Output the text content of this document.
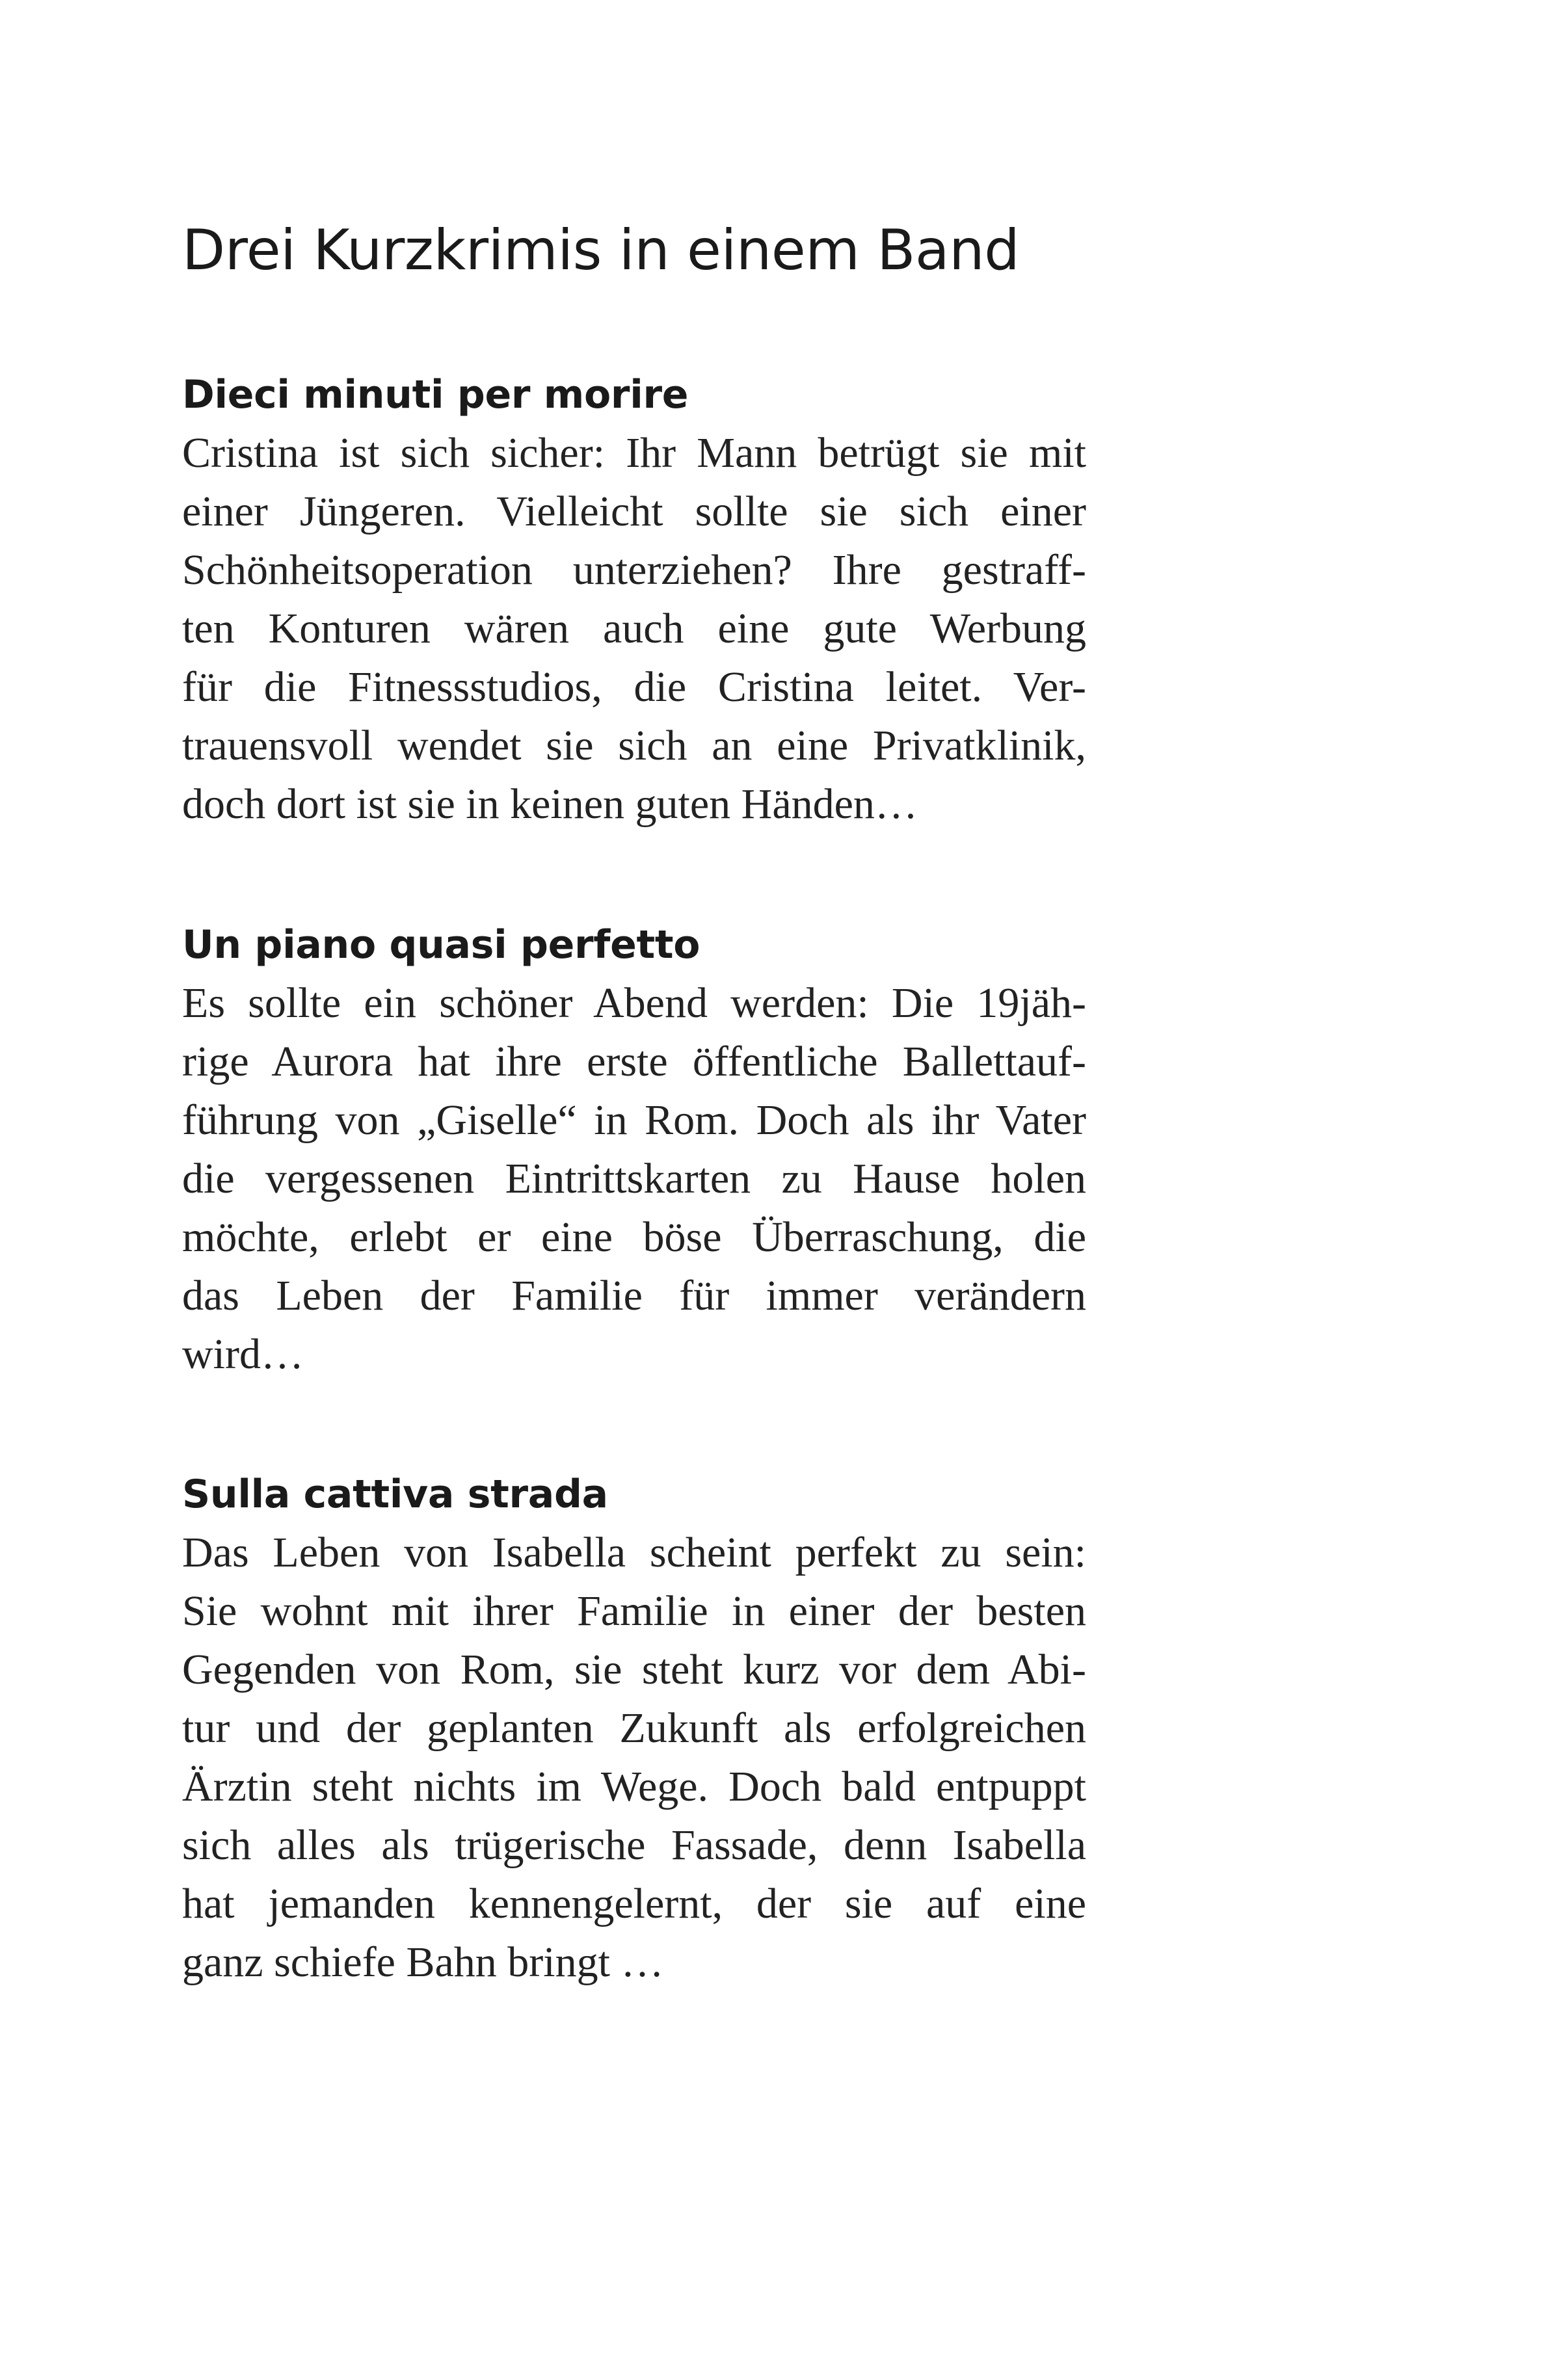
Drei Kurzkrimis in einem Band
Dieci minuti per morire
Cristina ist sich sicher: Ihr Mann betrügt sie mit
einer Jüngeren. Vielleicht sollte sie sich einer
Schönheitsoperation unterziehen? Ihre gestraff-
ten Konturen wären auch eine gute Werbung
für die Fitnessstudios, die Cristina leitet. Ver-
trauensvoll wendet sie sich an eine Privatklinik,
doch dort ist sie in keinen guten Händen…
Un piano quasi perfetto
Es sollte ein schöner Abend werden: Die 19jäh-
rige Aurora hat ihre erste öffentliche Ballettauf-
führung von „Giselle“ in Rom. Doch als ihr Vater
die vergessenen Eintrittskarten zu Hause holen
möchte, erlebt er eine böse Überraschung, die
das Leben der Familie für immer verändern
wird…
Sulla cattiva strada
Das Leben von Isabella scheint perfekt zu sein:
Sie wohnt mit ihrer Familie in einer der besten
Gegenden von Rom, sie steht kurz vor dem Abi-
tur und der geplanten Zukunft als erfolgreichen
Ärztin steht nichts im Wege. Doch bald entpuppt
sich alles als trügerische Fassade, denn Isabella
hat jemanden kennengelernt, der sie auf eine
ganz schiefe Bahn bringt …
